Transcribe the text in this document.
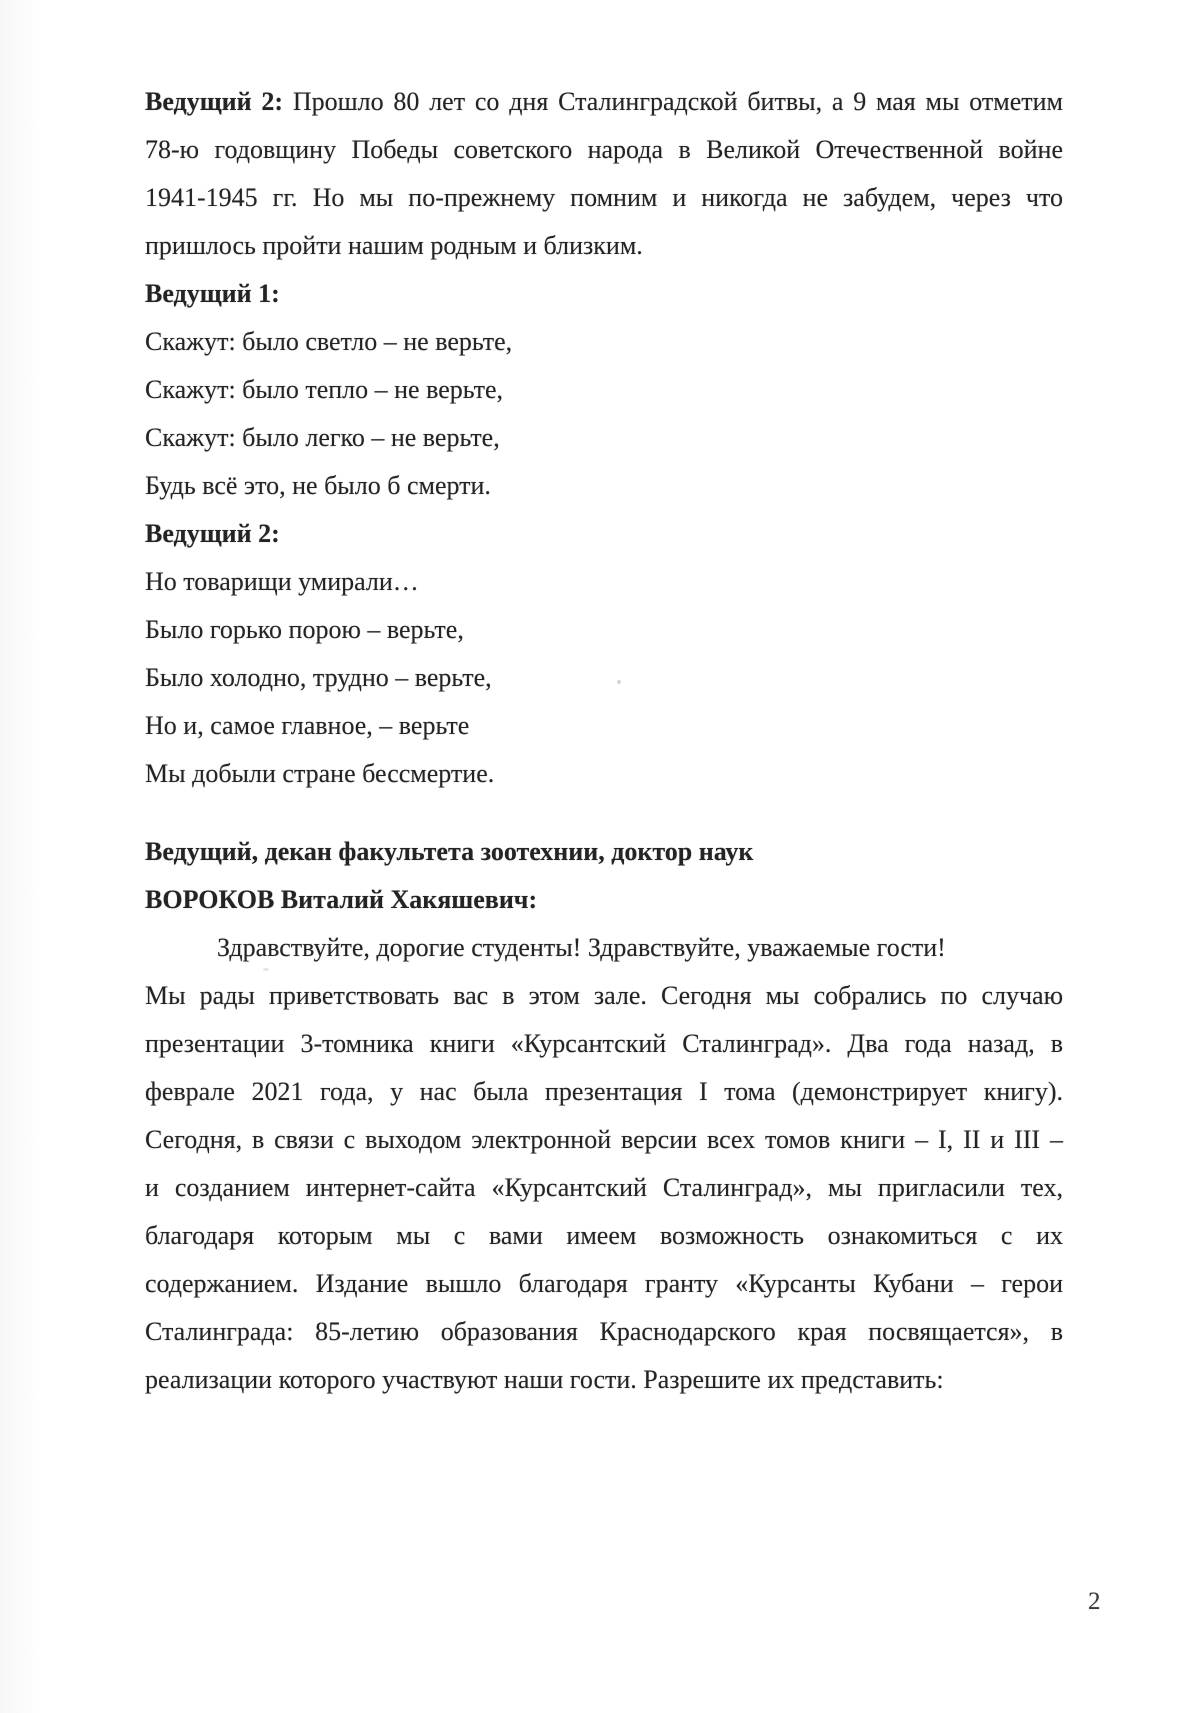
Ведущий 2: Прошло 80 лет со дня Сталинградской битвы, а 9 мая мы отметим
78-ю годовщину Победы советского народа в Великой Отечественной войне
1941-1945 гг. Но мы по-прежнему помним и никогда не забудем, через что
пришлось пройти нашим родным и близким.
Ведущий 1:
Скажут: было светло – не верьте,
Скажут: было тепло – не верьте,
Скажут: было легко – не верьте,
Будь всё это, не было б смерти.
Ведущий 2:
Но товарищи умирали…
Было горько порою – верьте,
Было холодно, трудно – верьте,
Но и, самое главное, – верьте
Мы добыли стране бессмертие.
Ведущий, декан факультета зоотехнии, доктор наук
ВОРОКОВ Виталий Хакяшевич:
Здравствуйте, дорогие студенты! Здравствуйте, уважаемые гости!
Мы рады приветствовать вас в этом зале. Сегодня мы собрались по случаю
презентации 3-томника книги «Курсантский Сталинград». Два года назад, в
феврале 2021 года, у нас была презентация I тома (демонстрирует книгу).
Сегодня, в связи с выходом электронной версии всех томов книги – I, II и III –
и созданием интернет-сайта «Курсантский Сталинград», мы пригласили тех,
благодаря которым мы с вами имеем возможность ознакомиться с их
содержанием. Издание вышло благодаря гранту «Курсанты Кубани – герои
Сталинграда: 85-летию образования Краснодарского края посвящается», в
реализации которого участвуют наши гости. Разрешите их представить:
2
